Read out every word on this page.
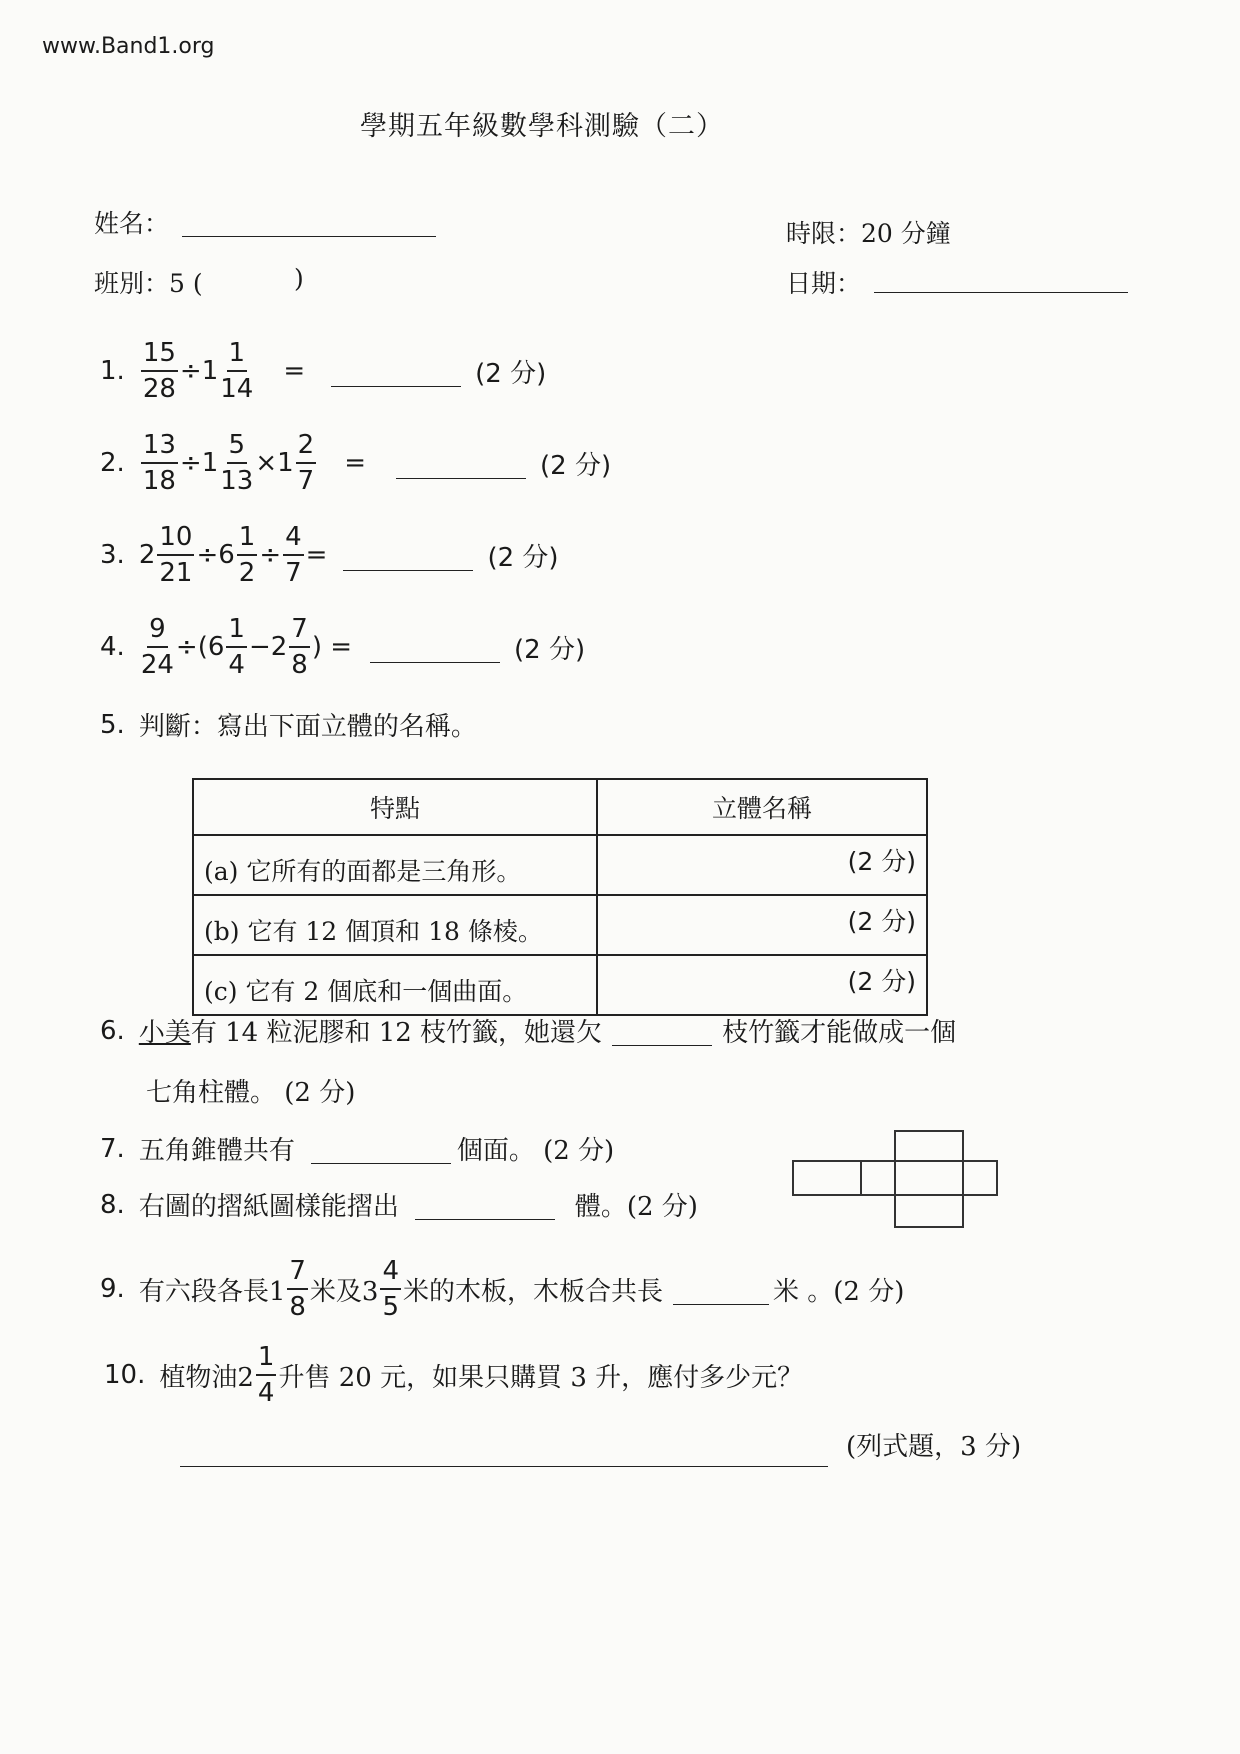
www.Band1.org
學期五年級數學科測驗（二）
姓名：
班別：5 (	)
時限：20 分鐘
日期：
1. $\frac{15}{28} \div 1 \frac{1}{14}$ =	(2 分)
2. $\frac{13}{18} \div 1 \frac{5}{13} \times 1 \frac{2}{7}$ =	(2 分)
3. $2 \frac{10}{21} \div 6 \frac{1}{2} \div \frac{4}{7}$ =	(2 分)
4. $\frac{9}{24} \div(6 \frac{1}{4} -2 \frac{7}{8}$ ) =	(2 分)
5. 判斷：寫出下面立體的名稱。
特點	立體名稱
(a) 它所有的面都是三角形。	(2 分)
(b) 它有 12 個頂和 18 條棱。	(2 分)
(c) 它有 2 個底和一個曲面。	(2 分)
6. 小美 有 14 粒泥膠和 12 枝竹籤，她還欠	枝竹籤才能做成一個
七角柱體。 (2 分)
7. 五角錐體共有	個面。 (2 分)
8. 右圖的摺紙圖樣能摺出	體。(2 分)
9. 有六段各長$1 \frac{7}{8}$ 米及$3 \frac{4}{5}$ 米的木板，木板合共長	米 。(2 分)
10. 植物油$2 \frac{1}{4}$ 升售 20 元，如果只購買 3 升，應付多少元？
(列式題，3 分)
